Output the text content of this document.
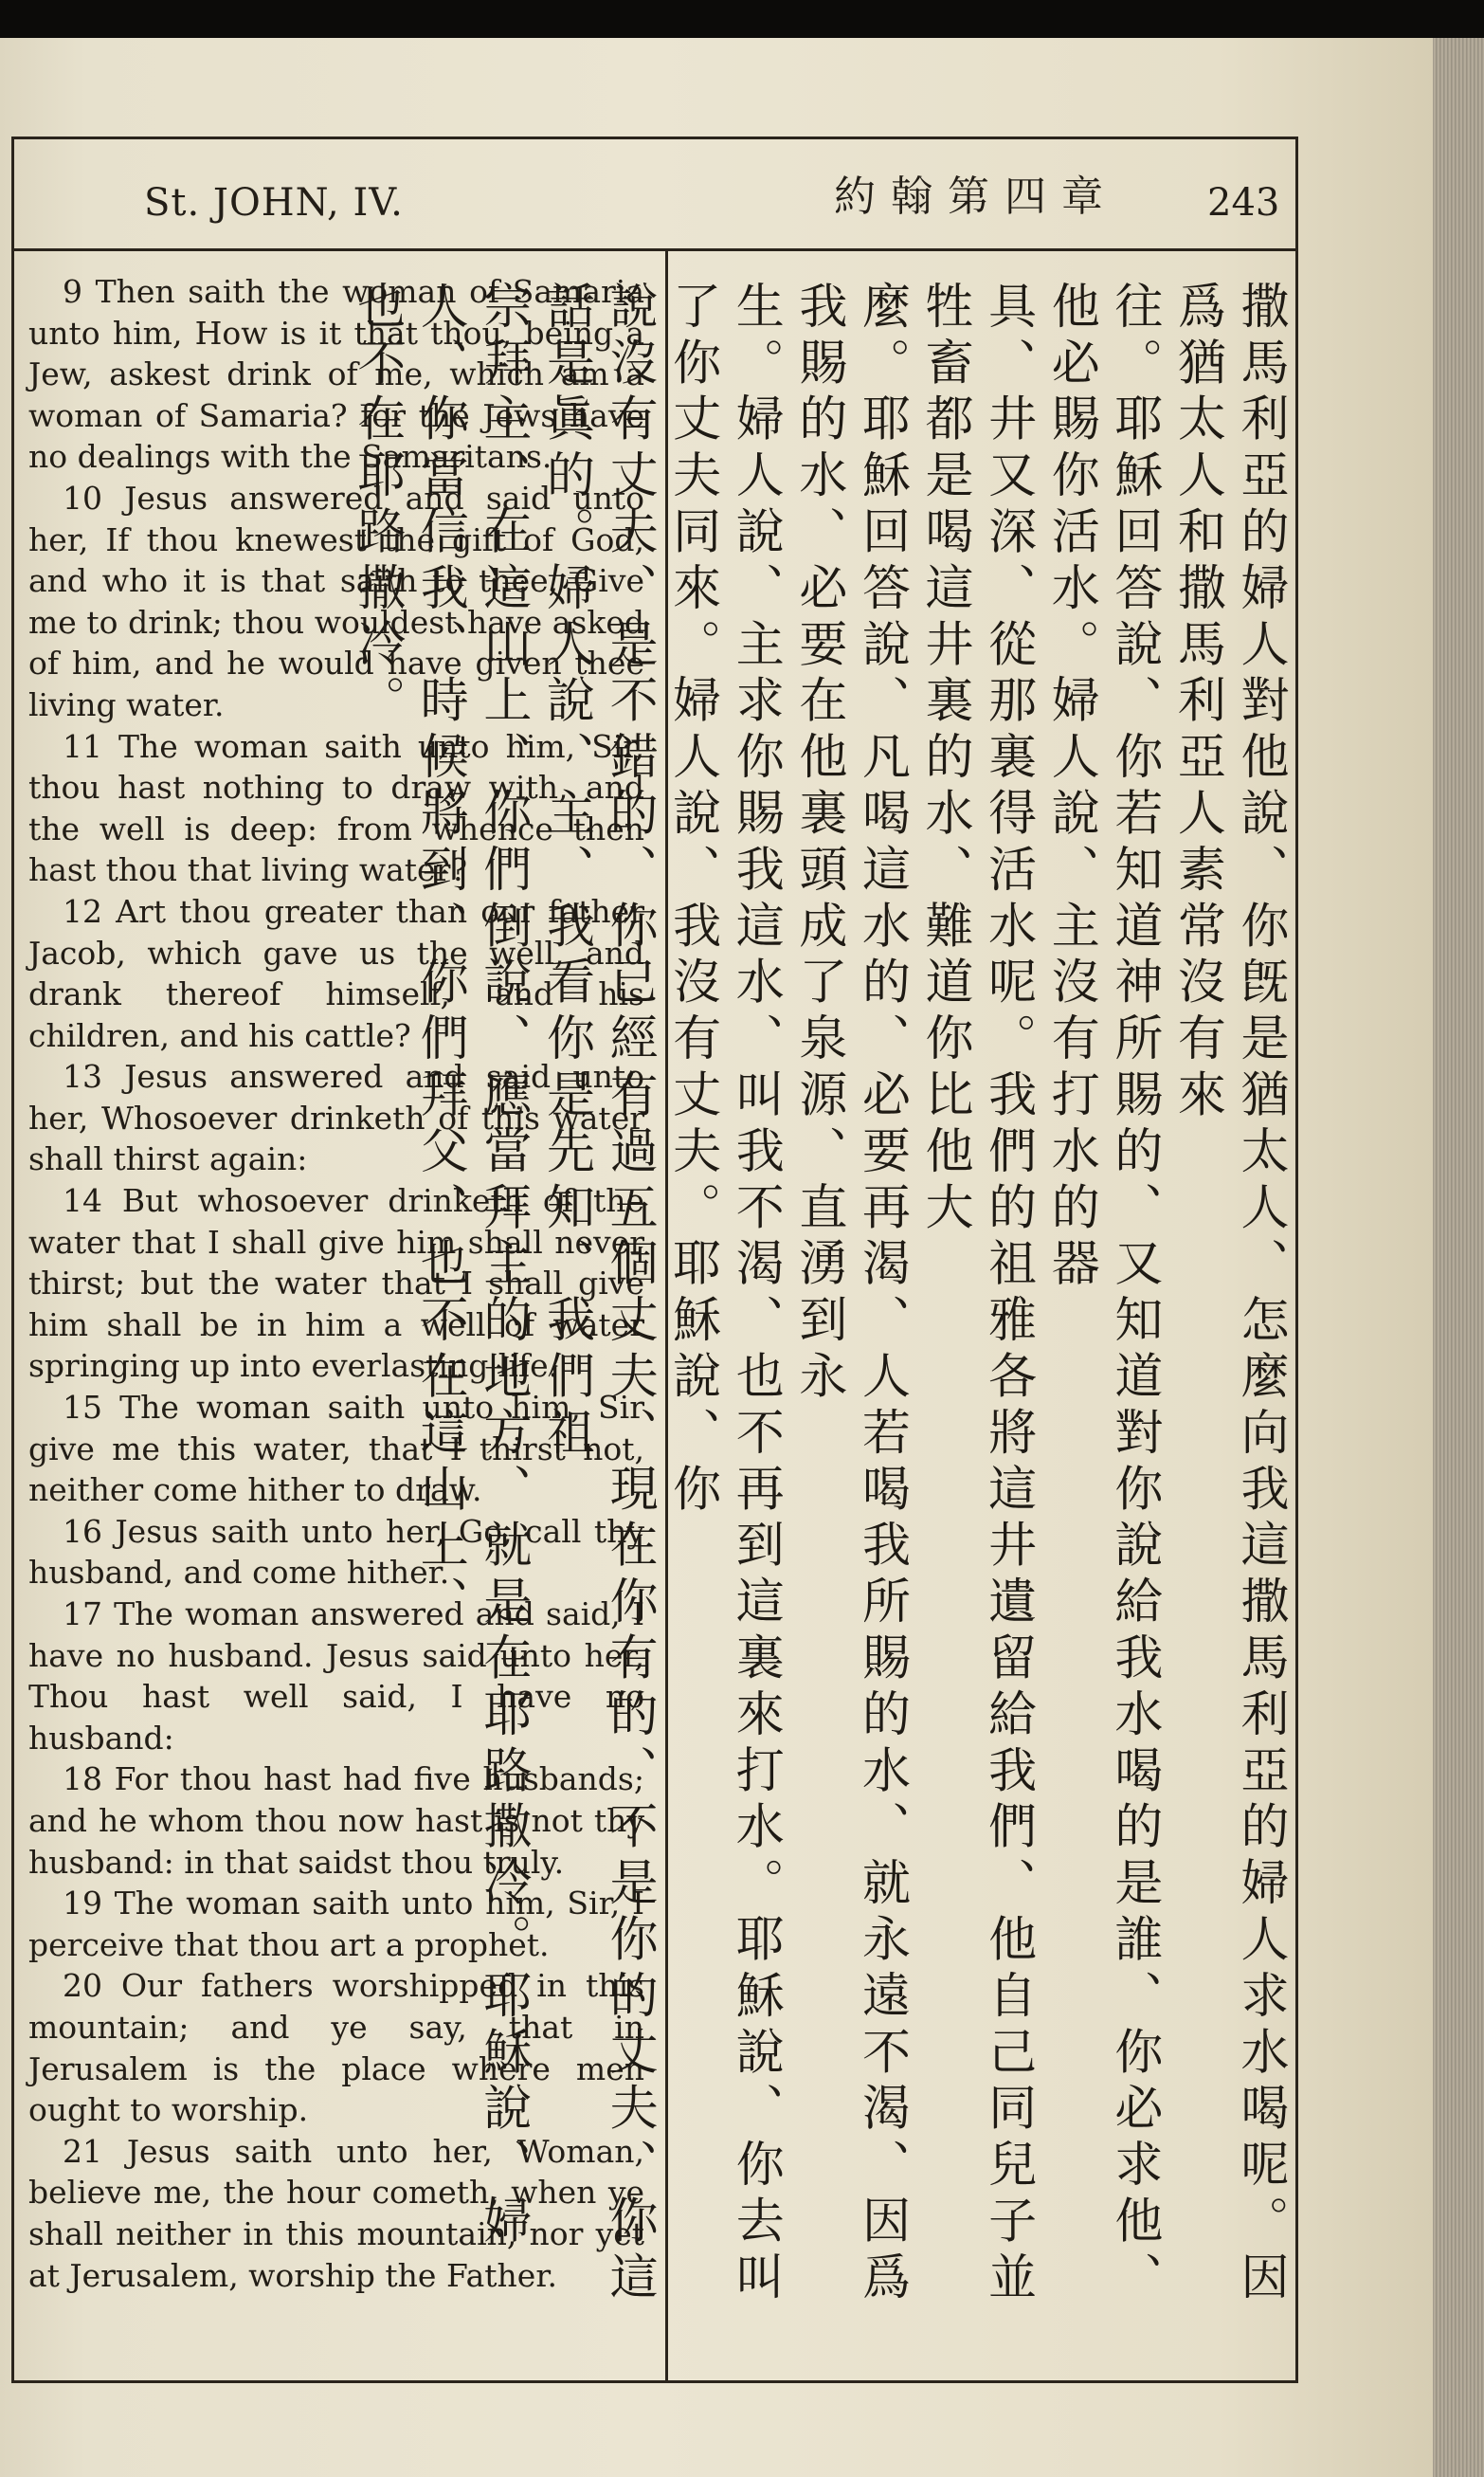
St. JOHN, IV.	約翰第四章 243

9 Then saith the woman of Samaria unto him, How is it that thou, being a Jew, askest drink of me, which am a woman of Samaria? for the Jews have no dealings with the Samaritans.

10 Jesus answered and said unto her, If thou knewest the gift of God, and who it is that saith to thee, Give me to drink; thou wouldest have asked of him, and he would have given thee living water.

11 The woman saith unto him, Sir, thou hast nothing to draw with, and the well is deep: from whence then hast thou that living water?

12 Art thou greater than our father Jacob, which gave us the well, and drank thereof himself, and his children, and his cattle?

13 Jesus answered and said unto her, Whosoever drinketh of this water shall thirst again:

14 But whosoever drinketh of the water that I shall give him shall never thirst; but the water that I shall give him shall be in him a well of water springing up into everlasting life.

15 The woman saith unto him, Sir give me this water, that I thirst not, neither come hither to draw.

16 Jesus saith unto her, Go, call thy husband, and come hither.

17 The woman answered and said, I have no husband. Jesus said unto her, Thou hast well said, I have no husband:

18 For thou hast had five husbands; and he whom thou now hast is not thy husband: in that saidst thou truly.

19 The woman saith unto him, Sir, I perceive that thou art a prophet.

20 Our fathers worshipped in this mountain; and ye say, that in Jerusalem is the place where men ought to worship.

21 Jesus saith unto her, Woman, believe me, the hour cometh, when ye shall neither in this mountain, nor yet at Jerusalem, worship the Father.	撒馬利亞的婦人對他說、你旣是猶太人、怎麼向我這撒馬利亞的婦人求水喝呢。因爲猶太人和撒馬利亞人素常沒有來
往。耶穌回答說、你若知道神所賜的、又知道對你說給我水喝的是誰、你必求他、他必賜你活水。婦人說、主沒有打水的器
具、井又深、從那裏得活水呢。我們的祖雅各將這井遺留給我們、他自己同兒子並牲畜都是喝這井裏的水、難道你比他大
麼。耶穌回答說、凡喝這水的、必要再渴、人若喝我所賜的水、就永遠不渴、因爲我賜的水、必要在他裏頭成了泉源、直湧到永
生。婦人說、主求你賜我這水、叫我不渴、也不再到這裏來打水。耶穌說、你去叫了你丈夫同來。婦人說、我沒有丈夫。耶穌說、你
說沒有丈夫、是不錯的、你已經有過五個丈夫、現在你有的、不是你的丈夫、你這話是眞的。婦人說、主、我看你是先知、我們祖
宗拜主、在這山上、你們倒說、應當拜主的地方、就是在耶路撒冷。耶穌說、婦人、你當信我、時候將到、你們拜父、也不在這山上、
也不在耶路撒冷。
